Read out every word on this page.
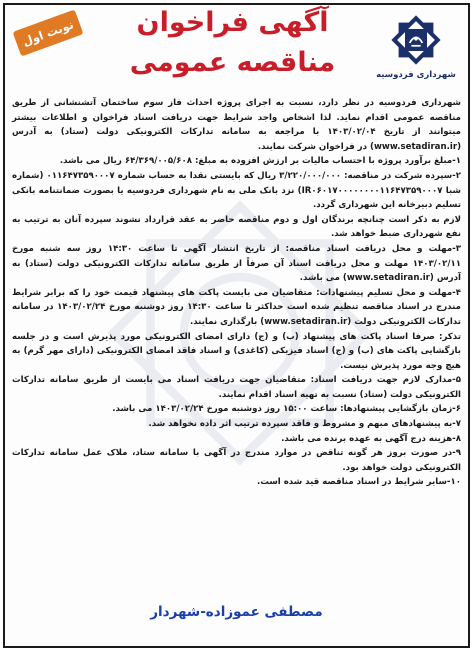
شهرداری فردوسیه
آگهی فراخوان
مناقصه عمومی
نوبت اول

شهرداری فردوسیه در نظر دارد، نسبت به اجرای پروژه احداث فاز سوم ساختمان آتشنشانی از طریق مناقصه عمومی اقدام نماید. لذا اشخاص واجد شرایط جهت دریافت اسناد فراخوان و اطلاعات بیشتر میتوانند از تاریخ ۱۴۰۳/۰۲/۰۴ با مراجعه به سامانه تدارکات الکترونیکی دولت (ستاد) به آدرس (www.setadiran.ir) در فراخوان شرکت نمایند.

۱-مبلغ برآورد پروژه با احتساب مالیات بر ارزش افزوده به مبلغ: ۶۴/۳۶۹/۰۰۵/۶۰۸ ریال می باشد.

۲-سپرده شرکت در مناقصه: ۳/۲۲۰/۰۰۰/۰۰۰ ریال که بایستی نقدا به حساب شماره ۰۱۱۶۴۷۳۵۹۰۰۰۷ (شماره شبا IR۰۶۰۱۷۰۰۰۰۰۰۰۰۱۱۶۴۷۳۵۹۰۰۰۷) نزد بانک ملی به نام شهرداری فردوسیه یا بصورت ضمانتنامه بانکی تسلیم دبیرخانه این شهرداری گردد.

لازم به ذکر است چنانچه برندگان اول و دوم مناقصه حاضر به عقد قرارداد نشوند سپرده آنان به ترتیب به نفع شهرداری ضبط خواهد شد.

۳-مهلت و محل دریافت اسناد مناقصه: از تاریخ انتشار آگهی تا ساعت ۱۴:۳۰ روز سه شنبه مورخ ۱۴۰۳/۰۲/۱۱ مهلت و محل دریافت اسناد آن صرفاً از طریق سامانه تدارکات الکترونیکی دولت (ستاد) به آدرس (www.setadiran.ir) می باشد.

۴-مهلت و محل تسلیم پیشنهادات: متقاضیان می بایست پاکت های پیشنهاد قیمت خود را که برابر شرایط مندرج در اسناد مناقصه تنظیم شده است حداکثر تا ساعت ۱۴:۳۰ روز دوشنبه مورخ ۱۴۰۳/۰۲/۲۴ در سامانه تدارکات الکترونیکی دولت (www.setadiran.ir) بارگذاری نمایند.

تذکر: صرفا اسناد پاکت های پیشنهاد (ب) و (ج) دارای امضای الکترونیکی مورد پذیرش است و در جلسه بازگشایی پاکت های (ب) و (ج) اسناد فیزیکی (کاغذی) و اسناد فاقد امضای الکترونیکی (دارای مهر گرم) به هیچ وجه مورد پذیرش نیست.

۵-مدارک لازم جهت دریافت اسناد: متقاضیان جهت دریافت اسناد می بایست از طریق سامانه تدارکات الکترونیکی دولت (ستاد) نسبت به تهیه اسناد اقدام نمایند.

۶-زمان بازگشایی پیشنهادها: ساعت ۱۵:۰۰ روز دوشنبه مورخ ۱۴۰۳/۰۲/۲۴ می باشد.

۷-به پیشنهادهای مبهم و مشروط و فاقد سپرده ترتیب اثر داده نخواهد شد.

۸-هزینه درج آگهی به عهده برنده می باشد.

۹-در صورت بروز هر گونه تناقض در موارد مندرج در آگهی با سامانه ستاد، ملاک عمل سامانه تدارکات الکترونیکی دولت خواهد بود.

۱۰-سایر شرایط در اسناد مناقصه قید شده است.

مصطفی عموزاده-شهردار
